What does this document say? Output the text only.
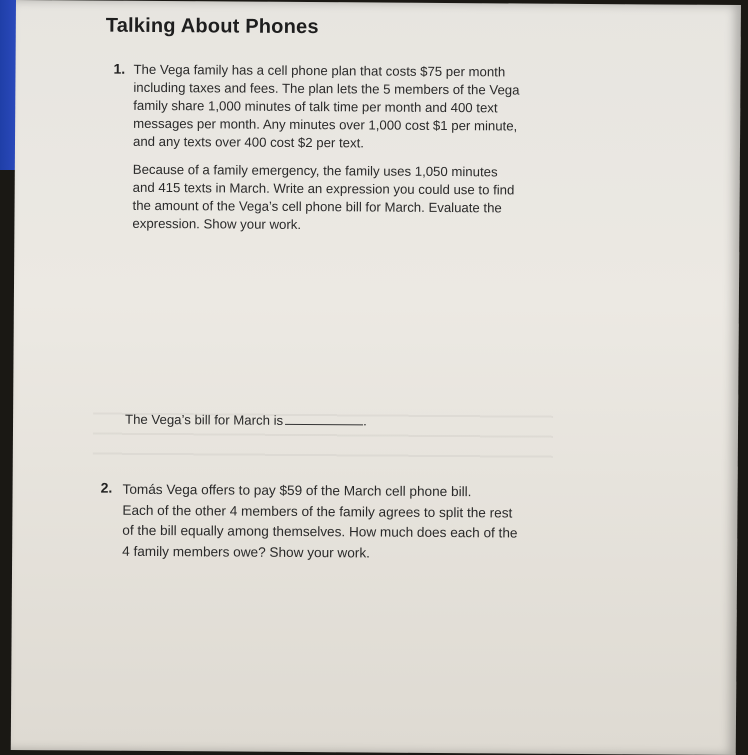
Talking About Phones
1. The Vega family has a cell phone plan that costs $75 per month
including taxes and fees. The plan lets the 5 members of the Vega
family share 1,000 minutes of talk time per month and 400 text
messages per month. Any minutes over 1,000 cost $1 per minute,
and any texts over 400 cost $2 per text.
Because of a family emergency, the family uses 1,050 minutes
and 415 texts in March. Write an expression you could use to find
the amount of the Vega’s cell phone bill for March. Evaluate the
expression. Show your work.
The Vega’s bill for March is	.
2. Tomás Vega offers to pay $59 of the March cell phone bill.
Each of the other 4 members of the family agrees to split the rest
of the bill equally among themselves. How much does each of the
4 family members owe? Show your work.
